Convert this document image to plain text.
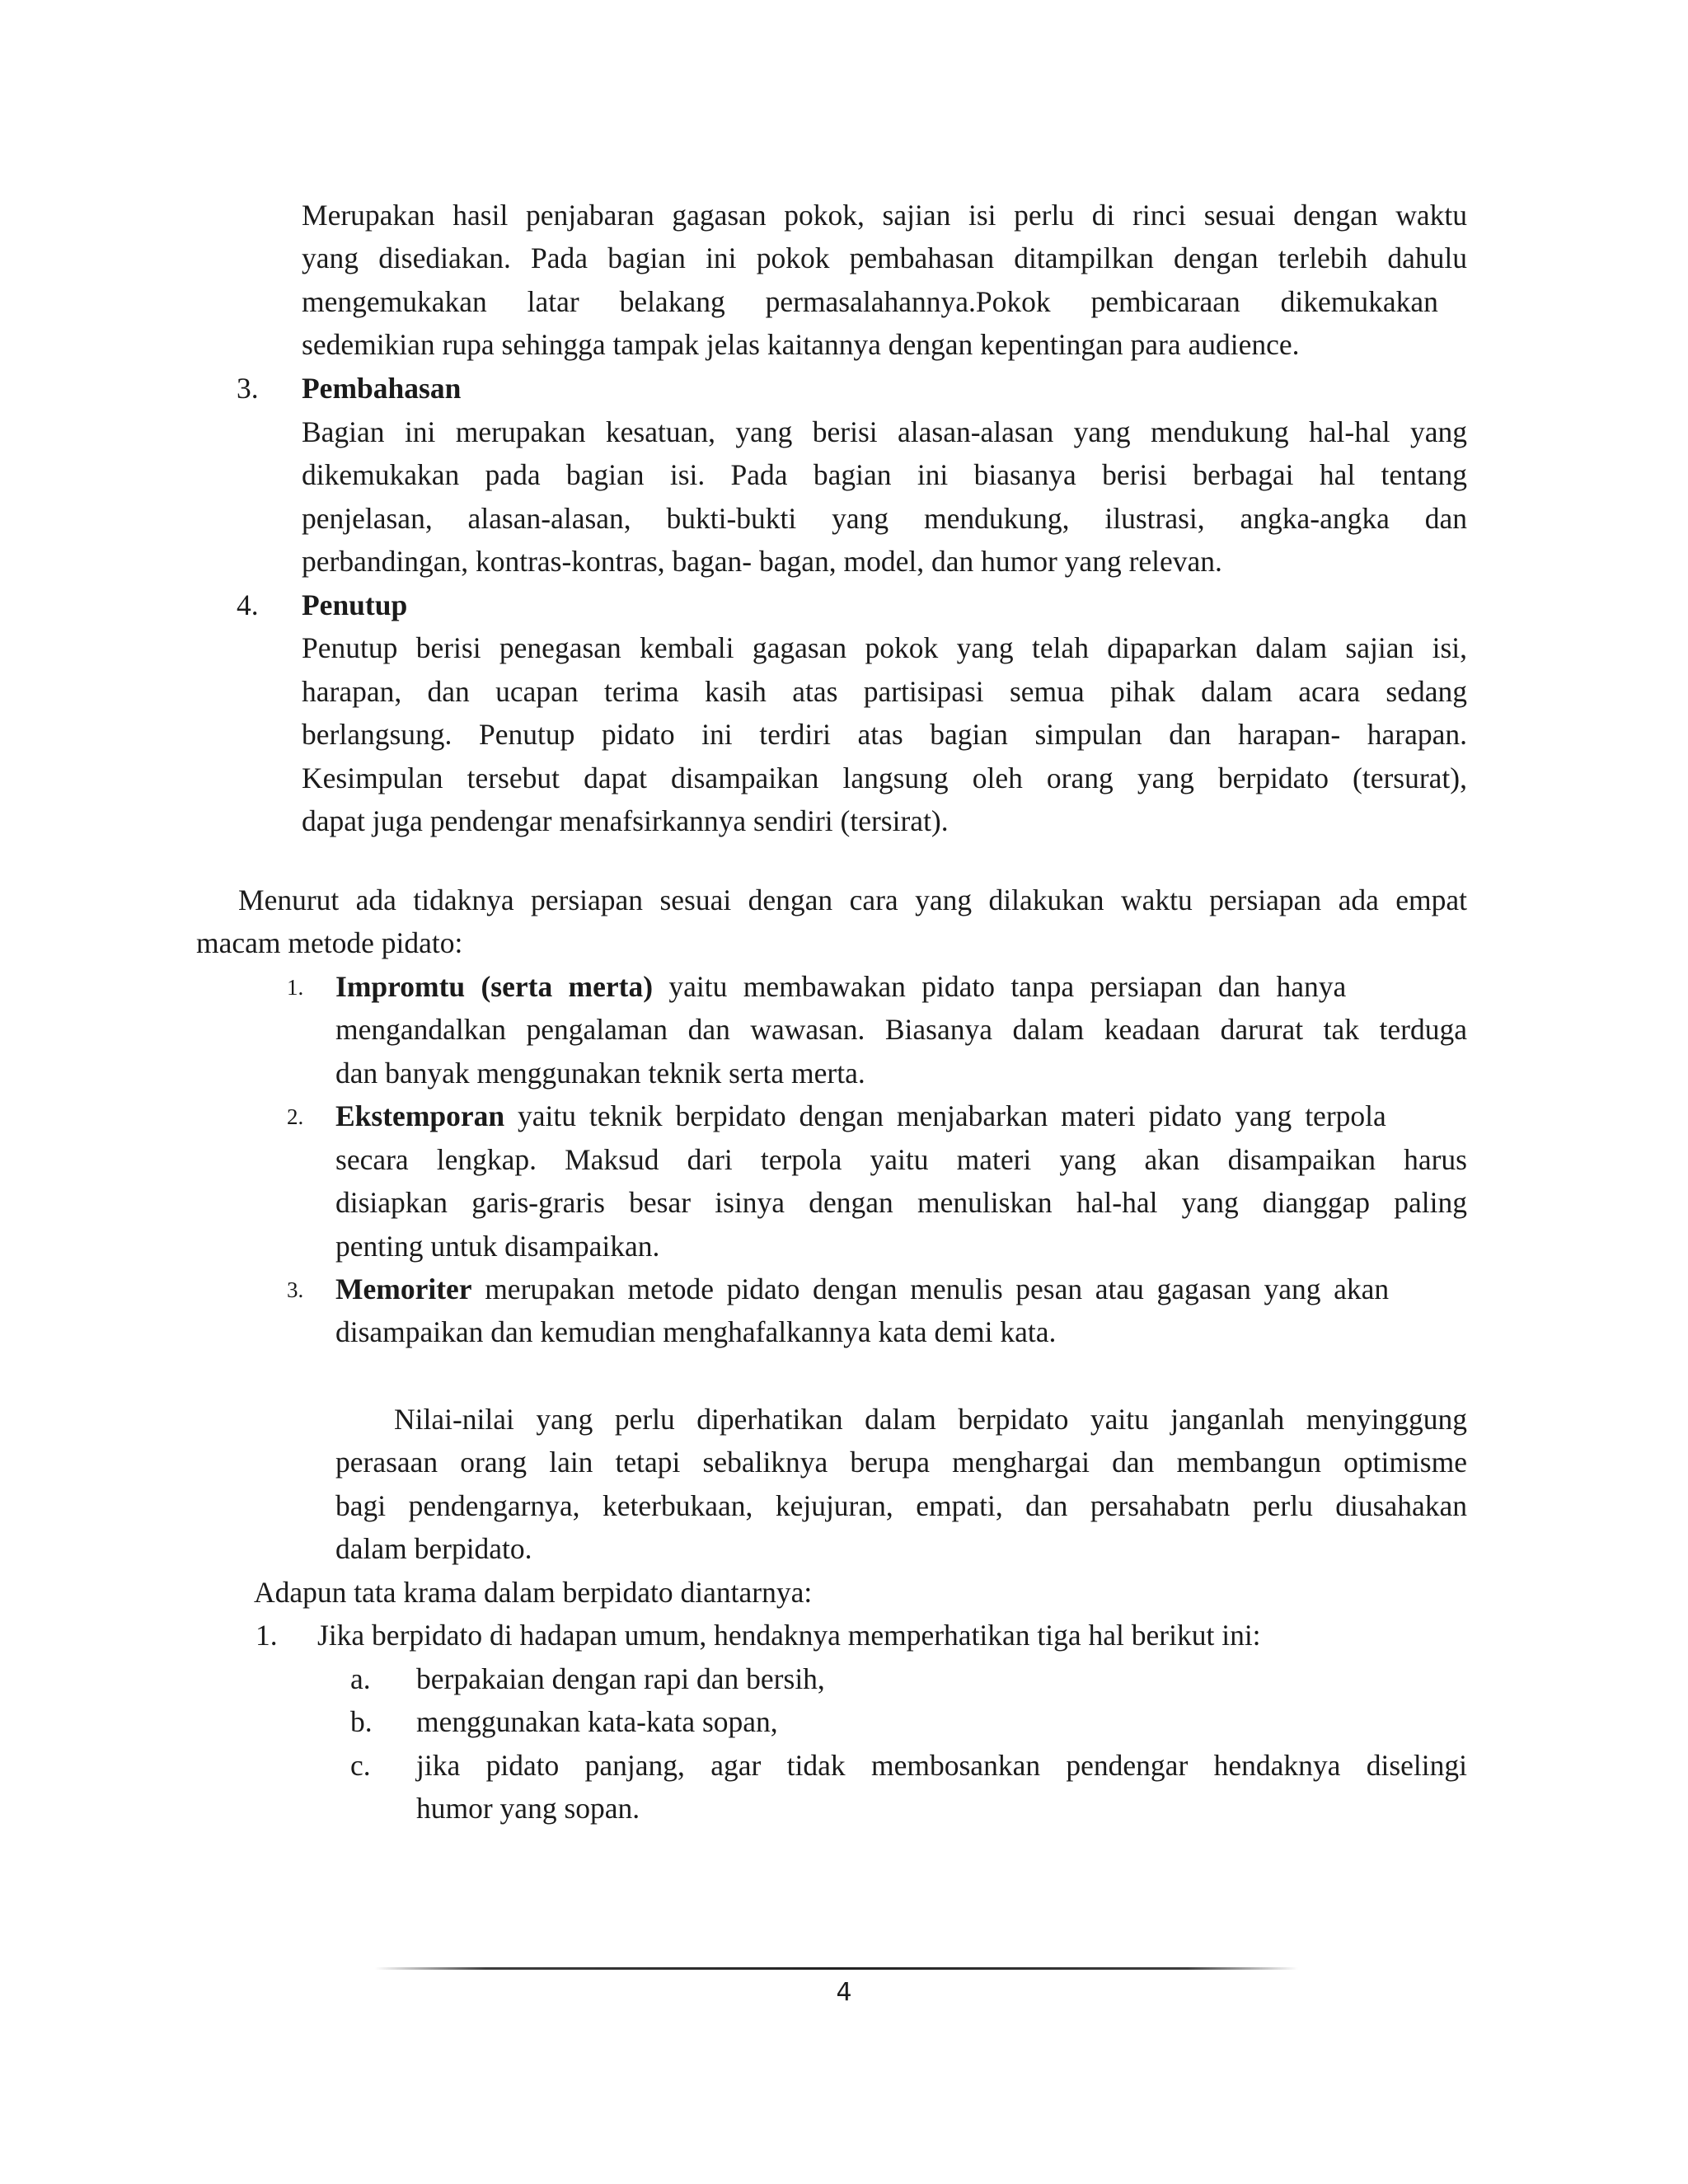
Merupakan hasil penjabaran gagasan pokok, sajian isi perlu di rinci sesuai dengan waktu
yang disediakan. Pada bagian ini pokok pembahasan ditampilkan dengan terlebih dahulu
mengemukakan latar belakang permasalahannya.Pokok pembicaraan dikemukakan
sedemikian rupa sehingga tampak jelas kaitannya dengan kepentingan para audience.
3. Pembahasan
Bagian ini merupakan kesatuan, yang berisi alasan-alasan yang mendukung hal-hal yang
dikemukakan pada bagian isi. Pada bagian ini biasanya berisi berbagai hal tentang
penjelasan, alasan-alasan, bukti-bukti yang mendukung, ilustrasi, angka-angka dan
perbandingan, kontras-kontras, bagan- bagan, model, dan humor yang relevan.
4. Penutup
Penutup berisi penegasan kembali gagasan pokok yang telah dipaparkan dalam sajian isi,
harapan, dan ucapan terima kasih atas partisipasi semua pihak dalam acara sedang
berlangsung. Penutup pidato ini terdiri atas bagian simpulan dan harapan- harapan.
Kesimpulan tersebut dapat disampaikan langsung oleh orang yang berpidato (tersurat),
dapat juga pendengar menafsirkannya sendiri (tersirat).
Menurut ada tidaknya persiapan sesuai dengan cara yang dilakukan waktu persiapan ada empat
macam metode pidato:
1. Impromtu (serta merta) yaitu membawakan pidato tanpa persiapan dan hanya
mengandalkan pengalaman dan wawasan. Biasanya dalam keadaan darurat tak terduga
dan banyak menggunakan teknik serta merta.
2. Ekstemporan yaitu teknik berpidato dengan menjabarkan materi pidato yang terpola
secara lengkap. Maksud dari terpola yaitu materi yang akan disampaikan harus
disiapkan garis-graris besar isinya dengan menuliskan hal-hal yang dianggap paling
penting untuk disampaikan.
3. Memoriter merupakan metode pidato dengan menulis pesan atau gagasan yang akan
disampaikan dan kemudian menghafalkannya kata demi kata.
Nilai-nilai yang perlu diperhatikan dalam berpidato yaitu janganlah menyinggung
perasaan orang lain tetapi sebaliknya berupa menghargai dan membangun optimisme
bagi pendengarnya, keterbukaan, kejujuran, empati, dan persahabatn perlu diusahakan
dalam berpidato.
Adapun tata krama dalam berpidato diantarnya:
1. Jika berpidato di hadapan umum, hendaknya memperhatikan tiga hal berikut ini:
a. berpakaian dengan rapi dan bersih,
b. menggunakan kata-kata sopan,
c. jika pidato panjang, agar tidak membosankan pendengar hendaknya diselingi
humor yang sopan.
4
